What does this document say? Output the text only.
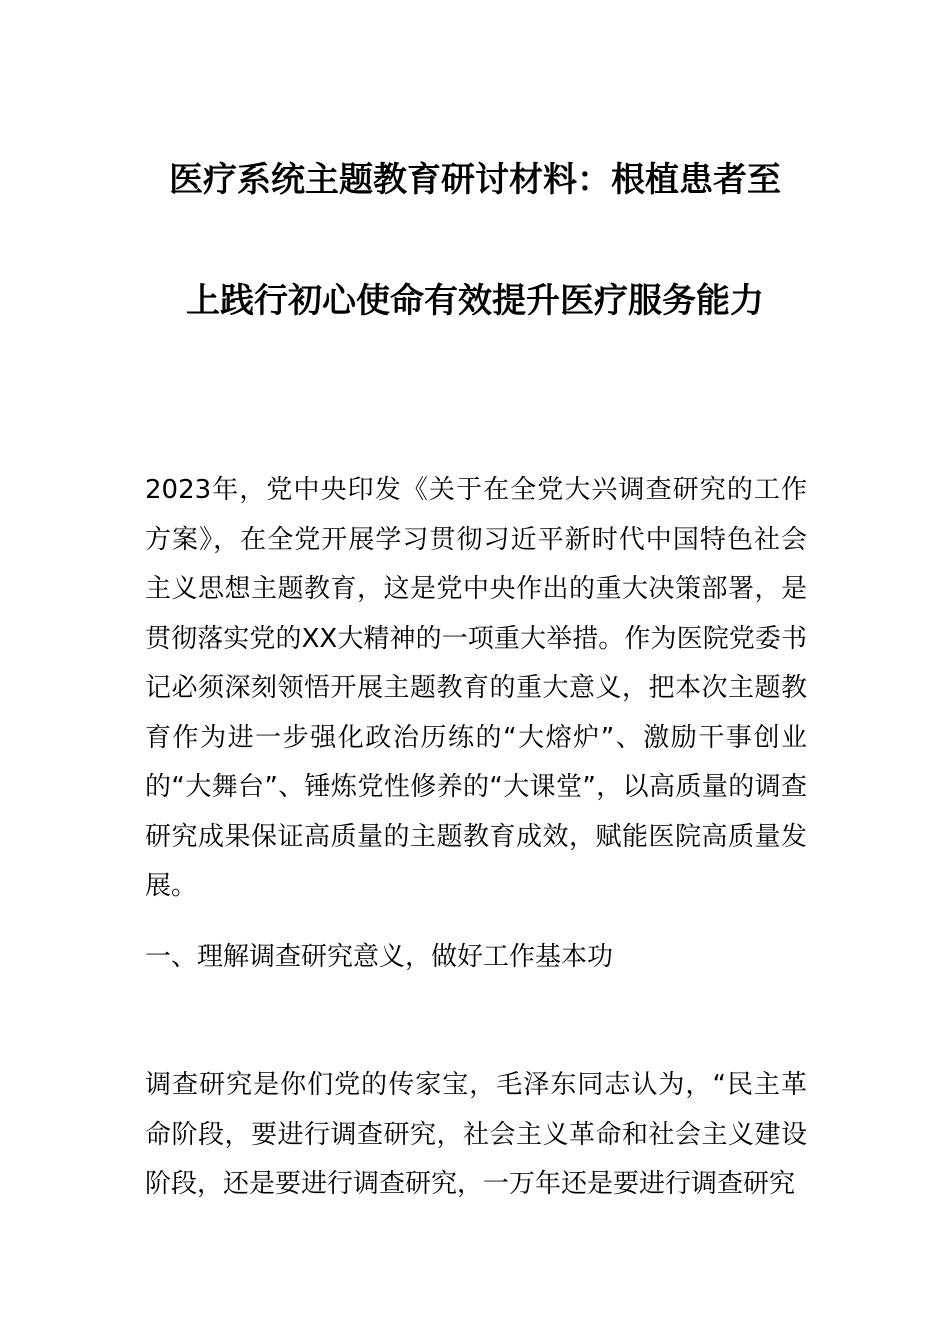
医疗系统主题教育研讨材料：根植患者至
上践行初心使命有效提升医疗服务能力
2023年，党中央印发《关于在全党大兴调查研究的工作方案》，在全党开展学习贯彻习近平新时代中国特色社会主义思想主题教育，这是党中央作出的重大决策部署，是贯彻落实党的XX大精神的一项重大举措。作为医院党委书记必须深刻领悟开展主题教育的重大意义，把本次主题教育作为进一步强化政治历练的“大熔炉”、激励干事创业的“大舞台”、锤炼党性修养的“大课堂”，以高质量的调查研究成果保证高质量的主题教育成效，赋能医院高质量发展。
一、理解调查研究意义，做好工作基本功
调查研究是你们党的传家宝，毛泽东同志认为，“民主革命阶段，要进行调查研究，社会主义革命和社会主义建设阶段，还是要进行调查研究，一万年还是要进行调查研究
